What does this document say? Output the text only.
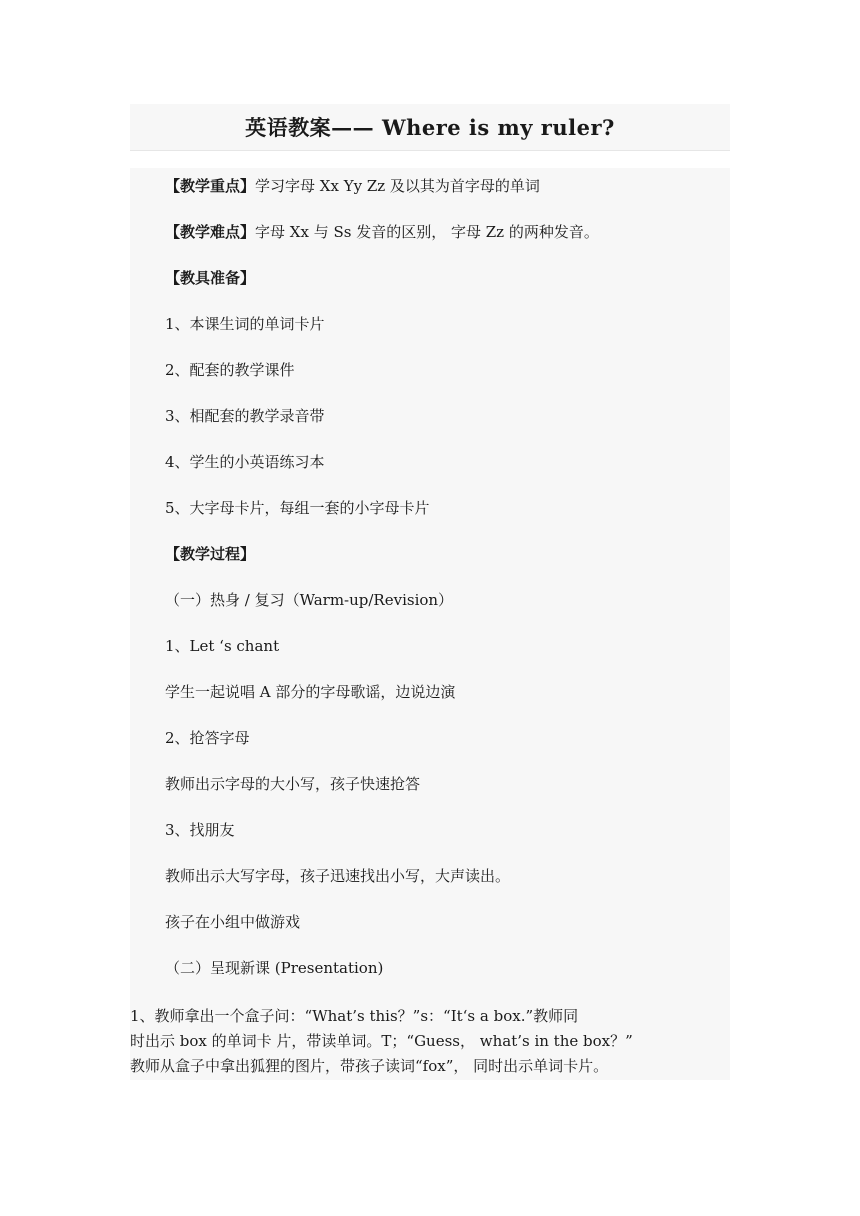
英语教案—— Where is my ruler?
【教学重点】学习字母 Xx Yy Zz 及以其为首字母的单词
【教学难点】字母 Xx 与 Ss 发音的区别， 字母 Zz 的两种发音。
【教具准备】
1、本课生词的单词卡片
2、配套的教学课件
3、相配套的教学录音带
4、学生的小英语练习本
5、大字母卡片，每组一套的小字母卡片
【教学过程】
（一）热身 / 复习（Warm-up/Revision）
1、Let ‘s chant
学生一起说唱 A 部分的字母歌谣，边说边演
2、抢答字母
教师出示字母的大小写，孩子快速抢答
3、找朋友
教师出示大写字母，孩子迅速找出小写，大声读出。
孩子在小组中做游戏
（二）呈现新课 (Presentation)
1、教师拿出一个盒子问：“What’s this？”s：“It‘s a box.”教师同
时出示 box 的单词卡 片，带读单词。T；“Guess， what’s in the box？”
教师从盒子中拿出狐狸的图片，带孩子读词“fox”， 同时出示单词卡片。
